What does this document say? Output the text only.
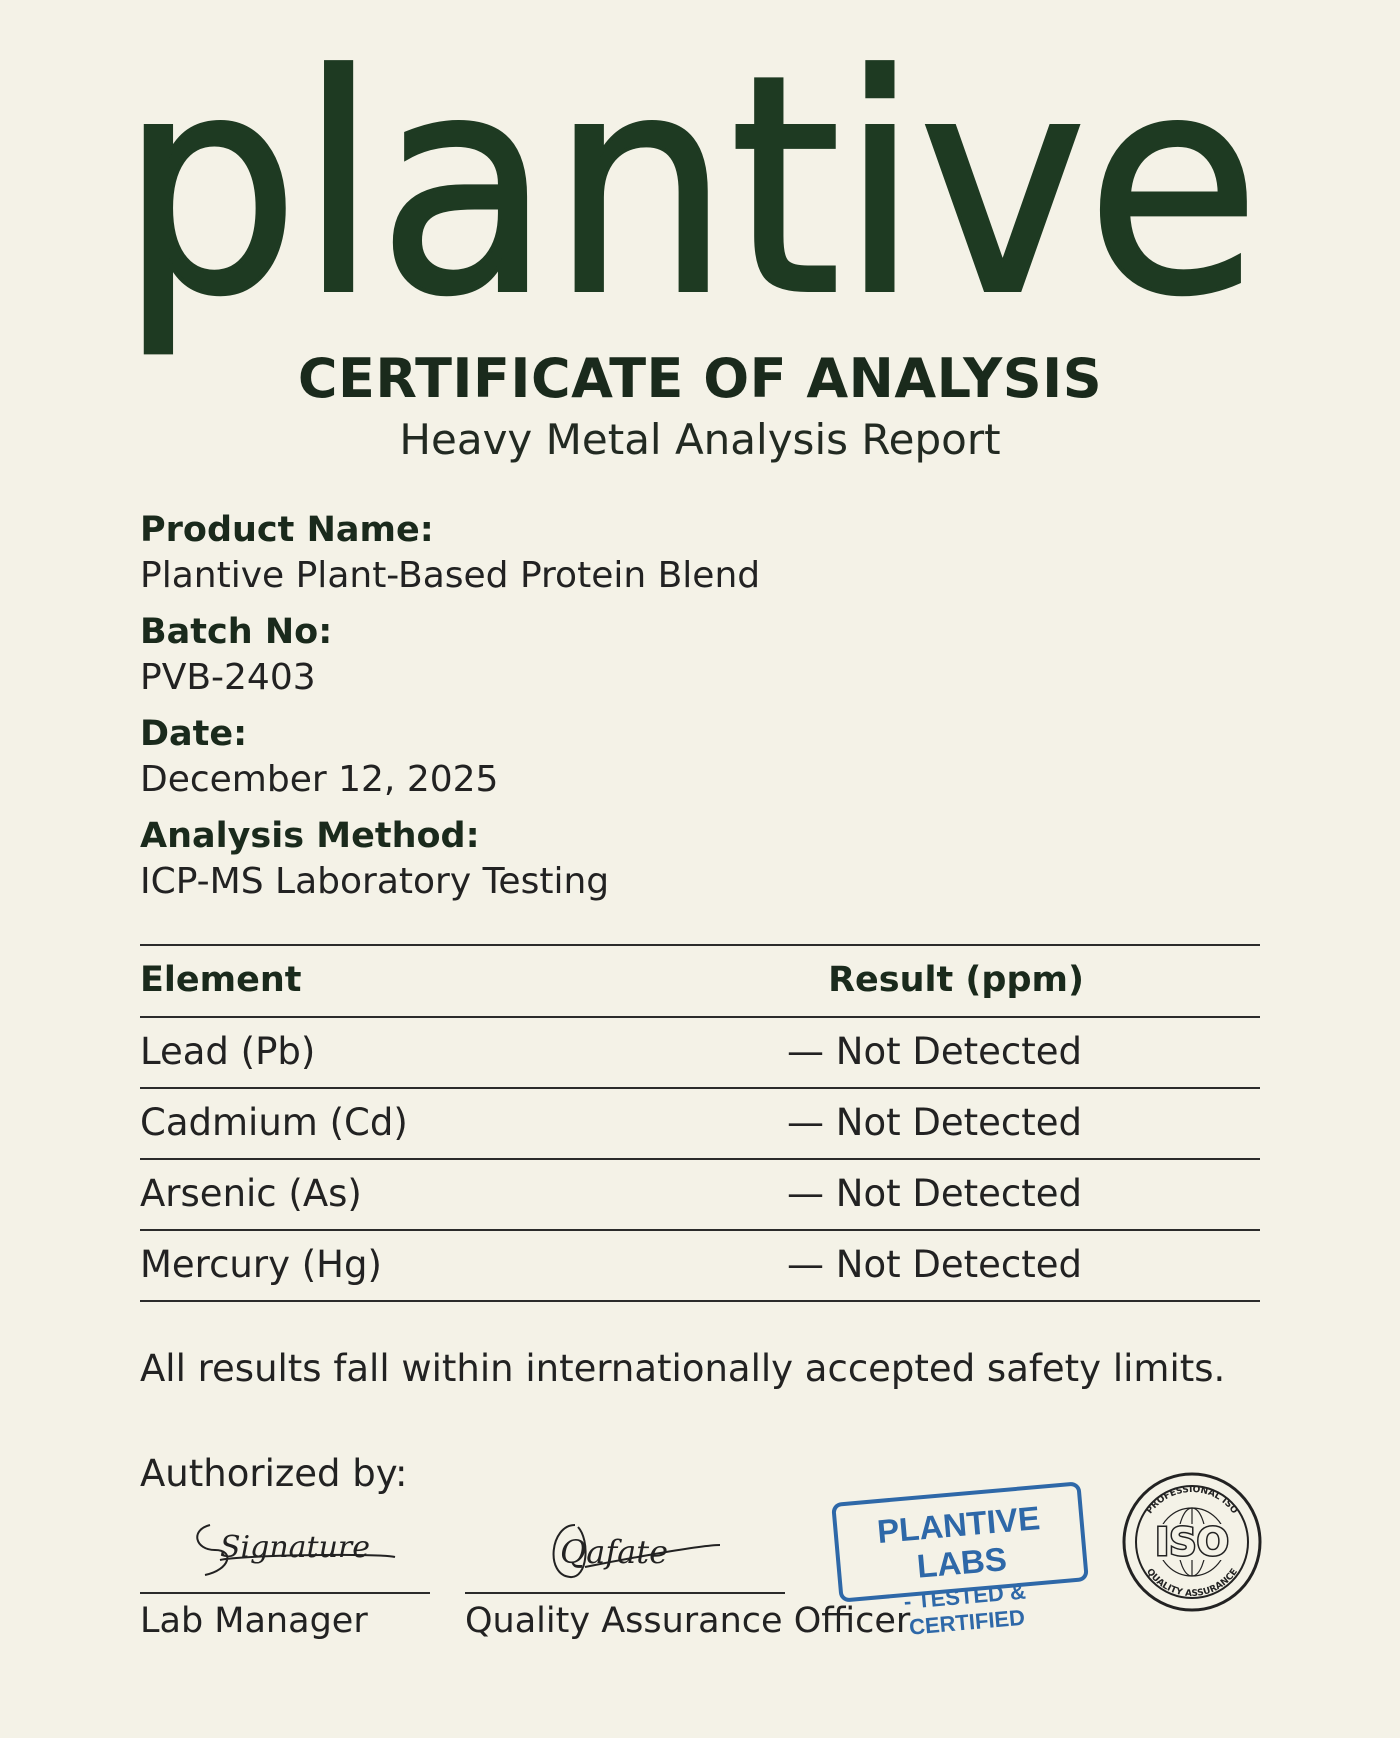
plantive
CERTIFICATE OF ANALYSIS
Heavy Metal Analysis Report
Product Name:
Plantive Plant-Based Protein Blend
Batch No:
PVB-2403
Date:
December 12, 2025
Analysis Method:
ICP-MS Laboratory Testing
Element	Result (ppm)
Lead (Pb)	— Not Detected
Cadmium (Cd)	— Not Detected
Arsenic (As)	— Not Detected
Mercury (Hg)	— Not Detected
All results fall within internationally accepted safety limits.
Authorized by:
Signature
Lab Manager
Qafate
Quality Assurance Officer
PLANTIVE LABS
- TESTED & CERTIFIED
ISO
PROFESSIONAL ISO
QUALITY ASSURANCE
